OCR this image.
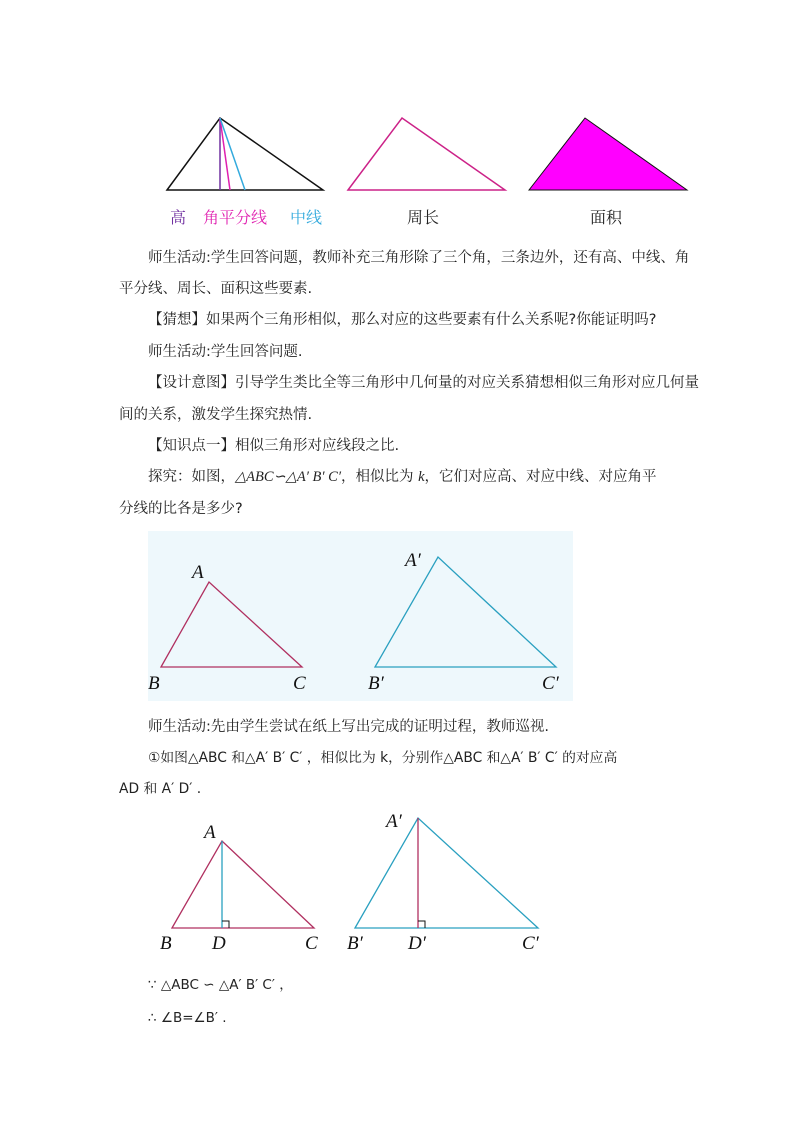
高 角平分线 中线	周长	面积
师生活动:学生回答问题，教师补充三角形除了三个角，三条边外，还有高、中线、角
平分线、周长、面积这些要素.
【猜想】如果两个三角形相似，那么对应的这些要素有什么关系呢?你能证明吗?
师生活动:学生回答问题.
【设计意图】引导学生类比全等三角形中几何量的对应关系猜想相似三角形对应几何量
间的关系，激发学生探究热情.
【知识点一】相似三角形对应线段之比.
探究：如图，△ABC∽△A′ B′ C′，相似比为 k，它们对应高、对应中线、对应角平
分线的比各是多少?
A
B	C
A′
B′	C′
师生活动:先由学生尝试在纸上写出完成的证明过程，教师巡视.
①如图△ABC 和△A′ B′ C′ ，相似比为 k，分别作△ABC 和△A′ B′ C′ 的对应高
AD 和 A′ D′ .
A
B D	C
A′
B′ D′	C′
∵ △ABC ∽ △A′ B′ C′ ，
∴ ∠B=∠B′ .
